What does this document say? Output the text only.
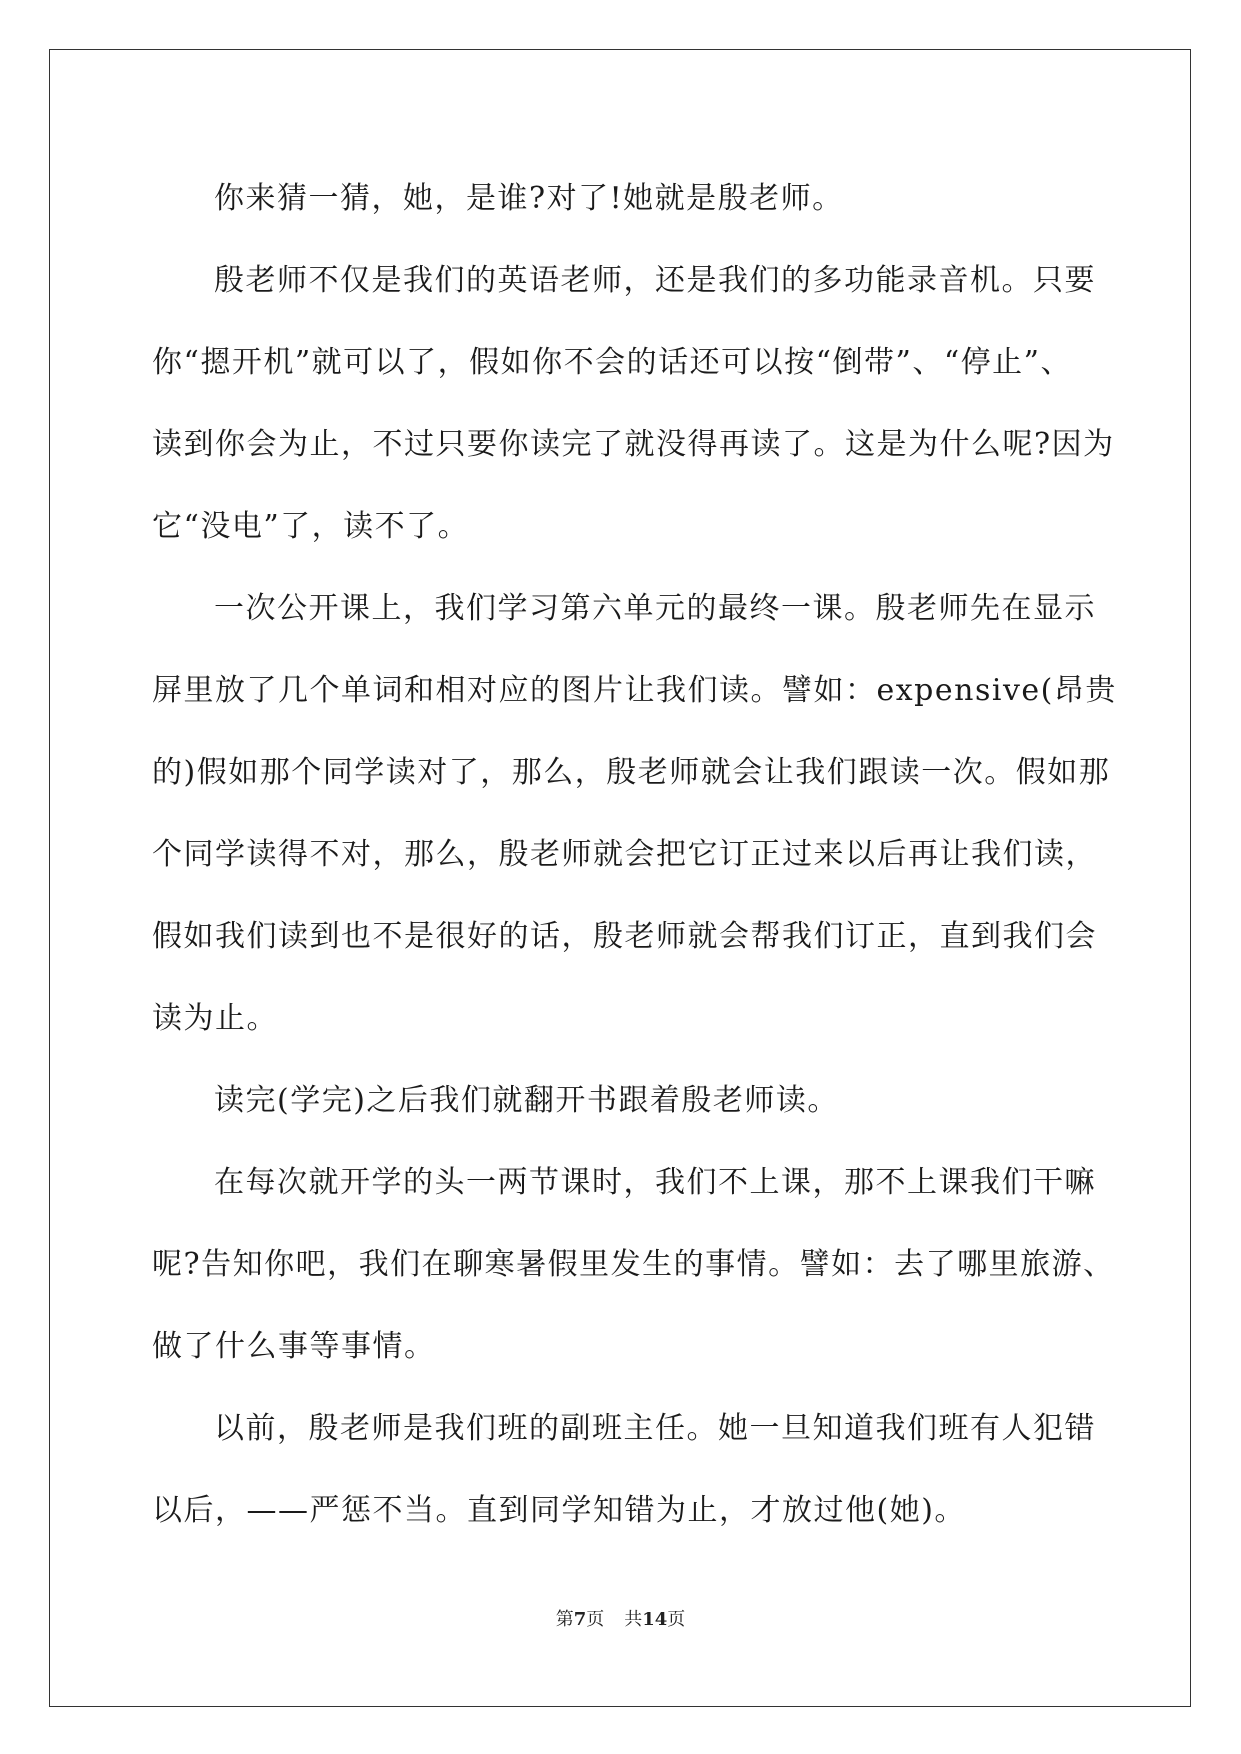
你来猜一猜，她，是谁?对了!她就是殷老师。
殷老师不仅是我们的英语老师，还是我们的多功能录音机。只要
你“摁开机”就可以了，假如你不会的话还可以按“倒带”、“停止”、
读到你会为止，不过只要你读完了就没得再读了。这是为什么呢?因为
它“没电”了，读不了。
一次公开课上，我们学习第六单元的最终一课。殷老师先在显示
屏里放了几个单词和相对应的图片让我们读。譬如：expensive(昂贵
的)假如那个同学读对了，那么，殷老师就会让我们跟读一次。假如那
个同学读得不对，那么，殷老师就会把它订正过来以后再让我们读，
假如我们读到也不是很好的话，殷老师就会帮我们订正，直到我们会
读为止。
读完(学完)之后我们就翻开书跟着殷老师读。
在每次就开学的头一两节课时，我们不上课，那不上课我们干嘛
呢?告知你吧，我们在聊寒暑假里发生的事情。譬如：去了哪里旅游、
做了什么事等事情。
以前，殷老师是我们班的副班主任。她一旦知道我们班有人犯错
以后，——严惩不当。直到同学知错为止，才放过他(她)。
第7页 共14页
